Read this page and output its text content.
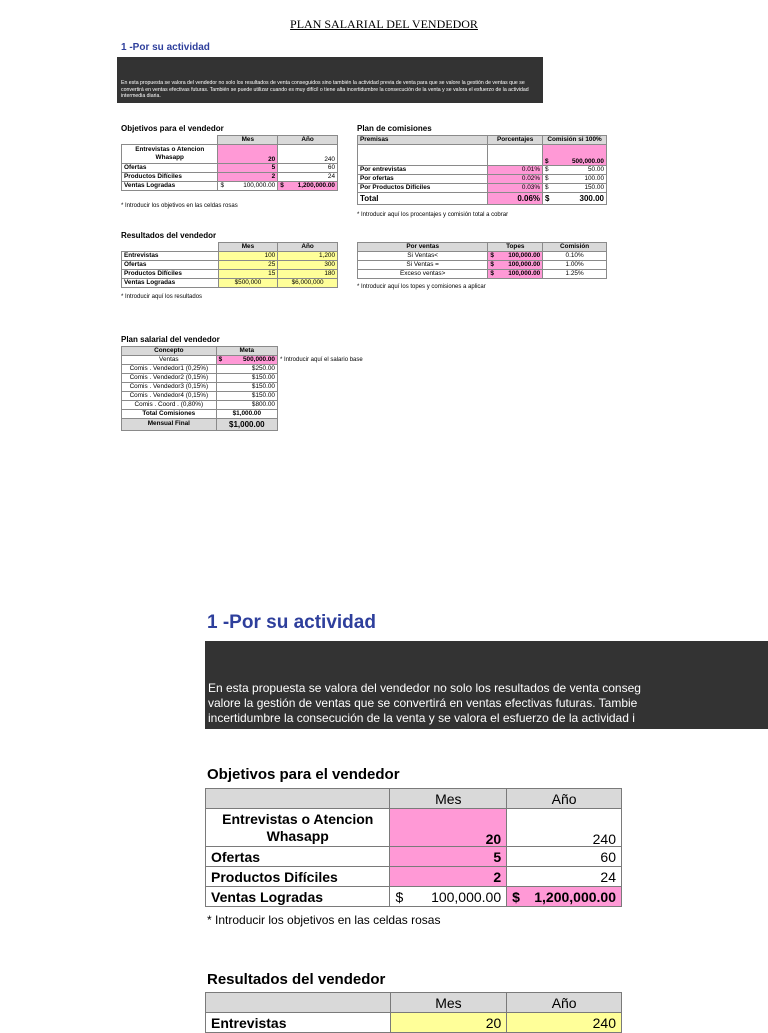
PLAN SALARIAL DEL VENDEDOR
1 -Por su actividad
En esta propuesta se valora del vendedor no solo los resultados de venta conseguidos sino también la actividad previa de venta para que se valore la gestión de ventas que se convertirá en ventas efectivas futuras. También se puede utilizar cuando es muy difícil o tiene alta incertidumbre la consecución de la venta y se valora el esfuerzo de la actividad intermedia diaria.
Objetivos para el vendedor
	Mes	Año
Entrevistas o Atencion Whasapp	20	240
Ofertas	5	60
Productos Difíciles	2	24
Ventas Logradas	$ 100,000.00	$ 1,200,000.00
* Introducir los objetivos en las celdas rosas
Plan de comisiones
Premisas	Porcentajes	Comisión si 100%

		$ 500,000.00

Por entrevistas	0.01%	$ 50.00

Por ofertas	0.02%	$ 100.00

Por Productos Difíciles	0.03%	$ 150.00

Total	0.06%	$ 300.00
* Introducir aquí los procentajes y comisión total a cobrar
Resultados del vendedor
	Mes	Año
Entrevistas	100	1,200
Ofertas	25	300
Productos Difíciles	15	180
Ventas Logradas	$500,000	$6,000,000
* Introducir aquí los resultados
Por ventas	Topes	Comisión
Si Ventas<	$ 100,000.00	0.10%
Si Ventas =	$ 100,000.00	1.00%
Exceso ventas>	$ 100,000.00	1.25%
* Introducir aquí los topes y comisiones a aplicar
Plan salarial del vendedor
Concepto	Meta
Ventas	$ 500,000.00

Comis . Vendedor1 (0,25%)	$250.00
Comis . Vendedor2 (0,15%)	$150.00
Comis . Vendedor3 (0,15%)	$150.00
Comis . Vendedor4 (0,15%)	$150.00
Comis . Coord . (0,80%)	$800.00
Total Comisiones	$1,000.00
Mensual Final	$1,000.00
* Introducir aquí el salario base
1 -Por su actividad
En esta propuesta se valora del vendedor no solo los resultados de venta conseg
valore la gestión de ventas que se convertirá en ventas efectivas futuras. Tambie
incertidumbre la consecución de la venta y se valora el esfuerzo de la actividad i
Objetivos para el vendedor
	Mes	Año
Entrevistas o Atencion Whasapp	20	240
Ofertas	5	60
Productos Difíciles	2	24
Ventas Logradas	$ 100,000.00	$ 1,200,000.00
* Introducir los objetivos en las celdas rosas
Resultados del vendedor
	Mes	Año
Entrevistas	20	240
